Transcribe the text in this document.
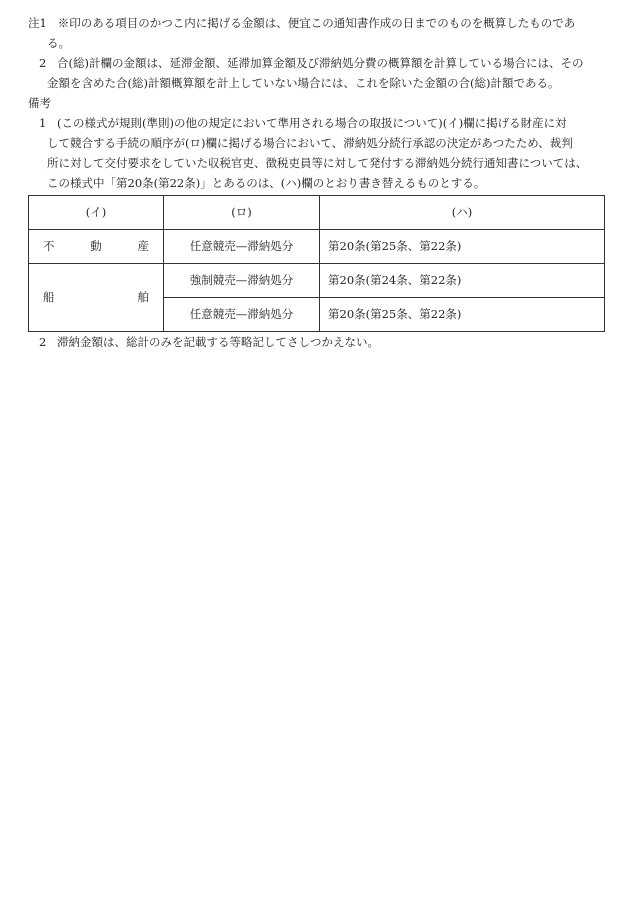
注1 ※印のある項目のかつこ内に掲げる金額は、便宜この通知書作成の日までのものを概算したものであ
る。
2 合(総)計欄の金額は、延滞金額、延滞加算金額及び滞納処分費の概算額を計算している場合には、その
金額を含めた合(総)計額概算額を計上していない場合には、これを除いた金額の合(総)計額である。
備考
1 (この様式が規則(準則)の他の規定において準用される場合の取扱について)(イ)欄に掲げる財産に対
して競合する手続の順序が(ロ)欄に掲げる場合において、滞納処分続行承認の決定があつたため、裁判
所に対して交付要求をしていた収税官吏、徴税吏員等に対して発付する滞納処分続行通知書については、
この様式中「第20条(第22条)」とあるのは、(ハ)欄のとおり書き替えるものとする。
(イ)	(ロ)	(ハ)

不 動 産	任意競売—滞納処分	第20条(第25条、第22条)

船 舶	強制競売—滞納処分	第20条(第24条、第22条)
	任意競売—滞納処分	第20条(第25条、第22条)
2 滞納金額は、総計のみを記載する等略記してさしつかえない。
